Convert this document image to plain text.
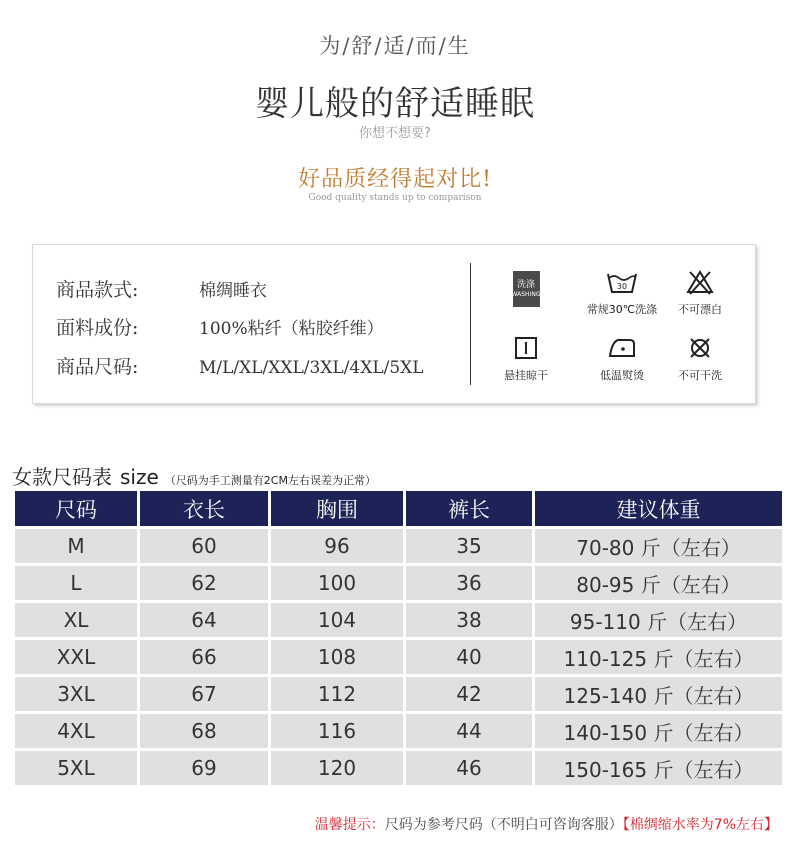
为/舒/适/而/生
婴儿般的舒适睡眠
你想不想要?
好品质经得起对比!
Good quality stands up to comparison
商品款式:	棉绸睡衣
面料成份:	100%粘纤（粘胶纤维）
商品尺码:	M/L/XL/XXL/3XL/4XL/5XL
洗涤
WASHING
30
常规30℃洗涤	不可漂白
悬挂晾干	低温熨烫	不可干洗
女款尺码表 size （尺码为手工测量有2CM左右误差为正常）
尺码	衣长	胸围	裤长	建议体重
M	60	96	35	70-80 斤（左右）
L	62	100	36	80-95 斤（左右）
XL	64	104	38	95-110 斤（左右）
XXL	66	108	40	110-125 斤（左右）
3XL	67	112	42	125-140 斤（左右）
4XL	68	116	44	140-150 斤（左右）
5XL	69	120	46	150-165 斤（左右）
温馨提示：尺码为参考尺码（不明白可咨询客服）【棉绸缩水率为7%左右】
